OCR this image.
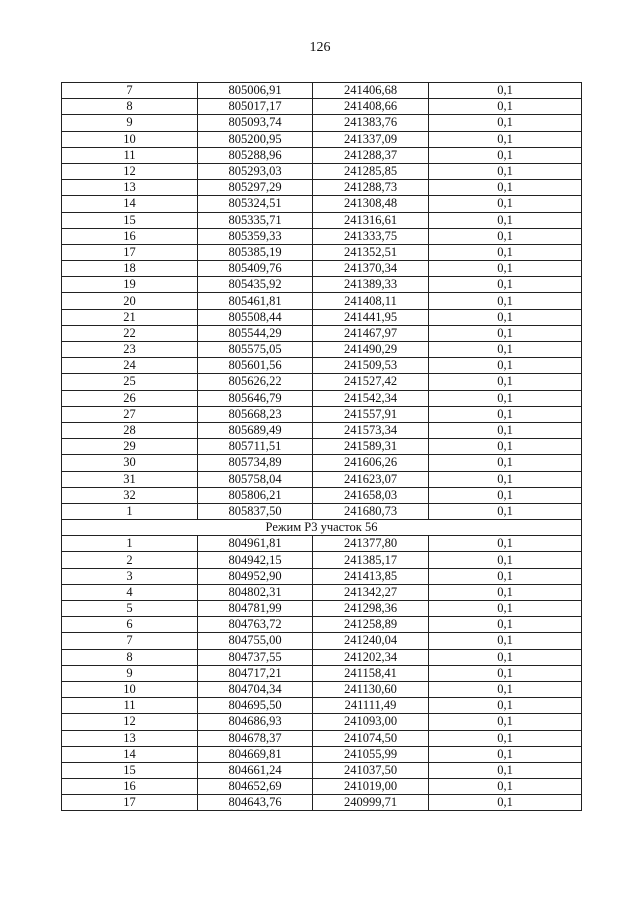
126
7	805006,91	241406,68	0,1
8	805017,17	241408,66	0,1
9	805093,74	241383,76	0,1
10	805200,95	241337,09	0,1
11	805288,96	241288,37	0,1
12	805293,03	241285,85	0,1
13	805297,29	241288,73	0,1
14	805324,51	241308,48	0,1
15	805335,71	241316,61	0,1
16	805359,33	241333,75	0,1
17	805385,19	241352,51	0,1
18	805409,76	241370,34	0,1
19	805435,92	241389,33	0,1
20	805461,81	241408,11	0,1
21	805508,44	241441,95	0,1
22	805544,29	241467,97	0,1
23	805575,05	241490,29	0,1
24	805601,56	241509,53	0,1
25	805626,22	241527,42	0,1
26	805646,79	241542,34	0,1
27	805668,23	241557,91	0,1
28	805689,49	241573,34	0,1
29	805711,51	241589,31	0,1
30	805734,89	241606,26	0,1
31	805758,04	241623,07	0,1
32	805806,21	241658,03	0,1
1	805837,50	241680,73	0,1
Режим Р3 участок 56			
1	804961,81	241377,80	0,1
2	804942,15	241385,17	0,1
3	804952,90	241413,85	0,1
4	804802,31	241342,27	0,1
5	804781,99	241298,36	0,1
6	804763,72	241258,89	0,1
7	804755,00	241240,04	0,1
8	804737,55	241202,34	0,1
9	804717,21	241158,41	0,1
10	804704,34	241130,60	0,1
11	804695,50	241111,49	0,1
12	804686,93	241093,00	0,1
13	804678,37	241074,50	0,1
14	804669,81	241055,99	0,1
15	804661,24	241037,50	0,1
16	804652,69	241019,00	0,1
17	804643,76	240999,71	0,1
